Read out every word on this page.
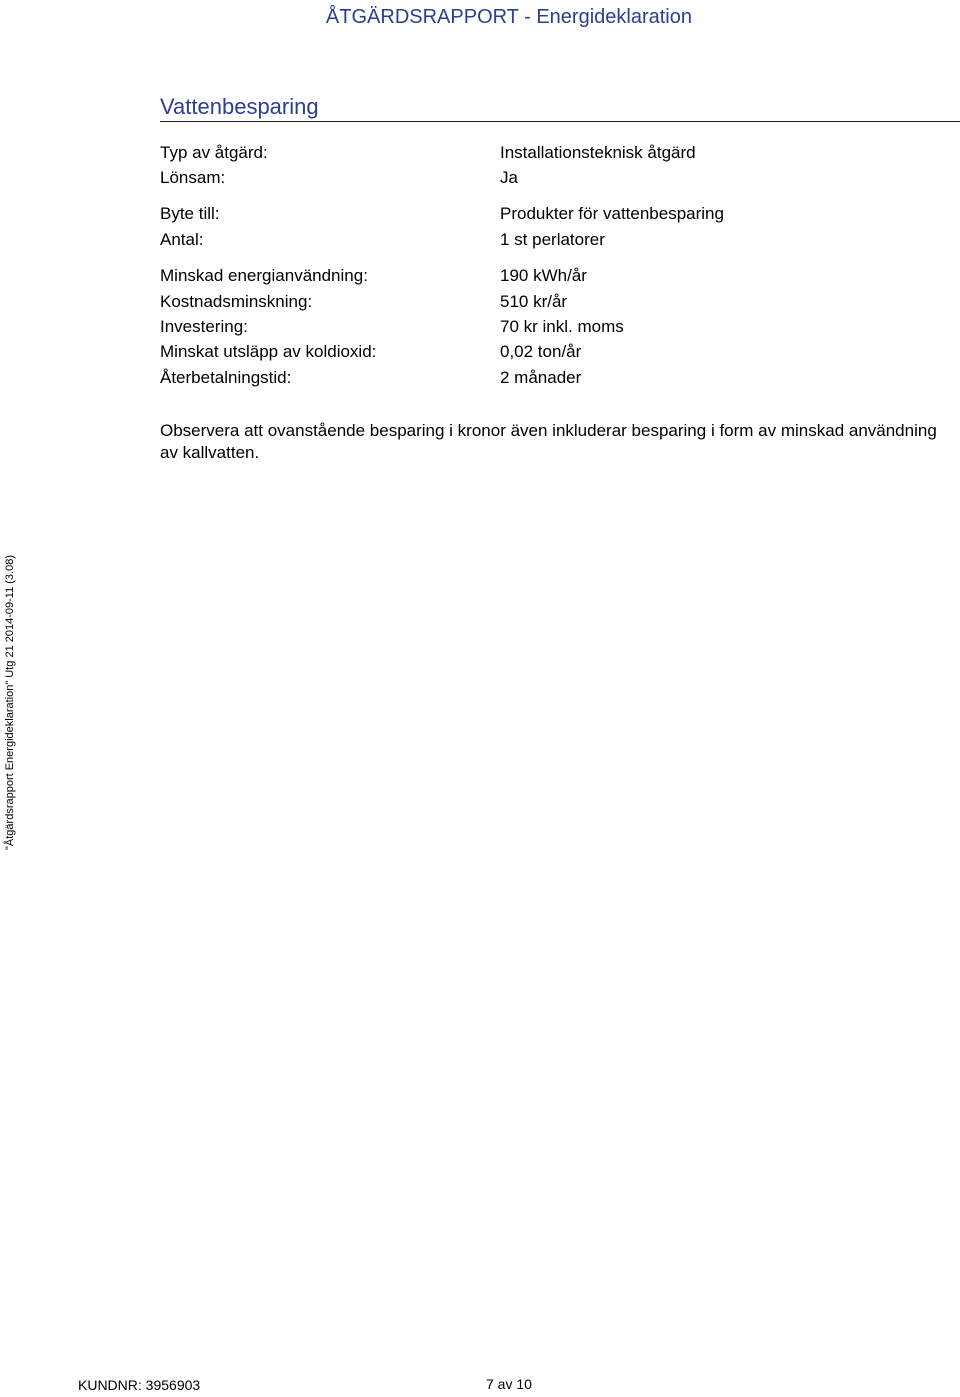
ÅTGÄRDSRAPPORT - Energideklaration
Vattenbesparing
Typ av åtgärd:	Installationsteknisk åtgärd
Lönsam:	Ja
Byte till:	Produkter för vattenbesparing
Antal:	1 st perlatorer
Minskad energianvändning:	190 kWh/år
Kostnadsminskning:	510 kr/år
Investering:	70 kr inkl. moms
Minskat utsläpp av koldioxid:	0,02 ton/år
Återbetalningstid:	2 månader
Observera att ovanstående besparing i kronor även inkluderar besparing i form av minskad användning av kallvatten.
"Åtgärdsrapport Energideklaration" Utg 21 2014-09-11 (3.08)
KUNDNR: 3956903	7 av 10
